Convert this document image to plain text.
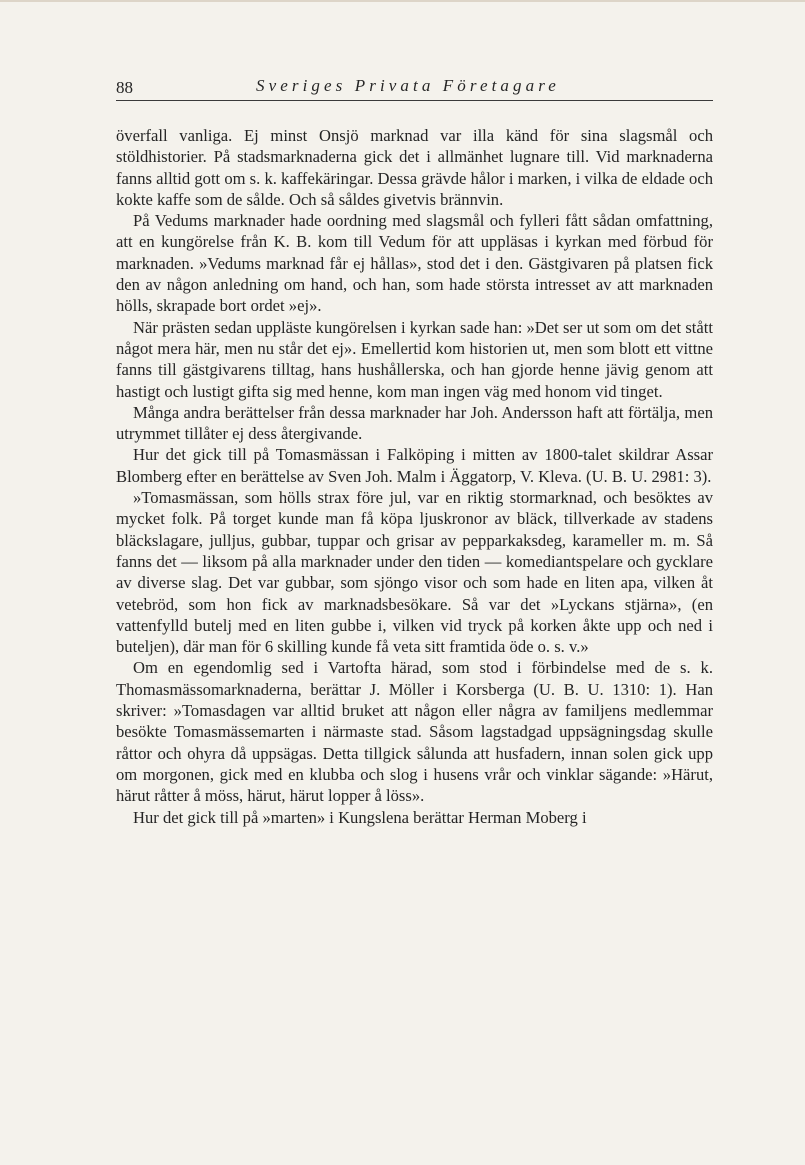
88	Sveriges Privata Företagare

överfall vanliga. Ej minst Onsjö marknad var illa känd för sina slagsmål och stöldhistorier. På stadsmarknaderna gick det i allmänhet lugnare till. Vid marknaderna fanns alltid gott om s. k. kaffekäringar. Dessa grävde hålor i marken, i vilka de eldade och kokte kaffe som de sålde. Och så såldes givetvis brännvin.

På Vedums marknader hade oordning med slagsmål och fylleri fått sådan omfattning, att en kungörelse från K. B. kom till Vedum för att uppläsas i kyrkan med förbud för marknaden. »Vedums marknad får ej hållas», stod det i den. Gästgivaren på platsen fick den av någon anledning om hand, och han, som hade största intresset av att marknaden hölls, skrapade bort ordet »ej».

När prästen sedan uppläste kungörelsen i kyrkan sade han: »Det ser ut som om det stått något mera här, men nu står det ej». Emellertid kom historien ut, men som blott ett vittne fanns till gästgivarens tilltag, hans hushållerska, och han gjorde henne jävig genom att hastigt och lustigt gifta sig med henne, kom man ingen väg med honom vid tinget.

Många andra berättelser från dessa marknader har Joh. Andersson haft att förtälja, men utrymmet tillåter ej dess återgivande.

Hur det gick till på Tomasmässan i Falköping i mitten av 1800-talet skildrar Assar Blomberg efter en berättelse av Sven Joh. Malm i Äggatorp, V. Kleva. (U. B. U. 2981: 3).

»Tomasmässan, som hölls strax före jul, var en riktig stormarknad, och besöktes av mycket folk. På torget kunde man få köpa ljuskronor av bläck, tillverkade av stadens bläckslagare, julljus, gubbar, tuppar och grisar av pepparkaksdeg, karameller m. m. Så fanns det — liksom på alla marknader under den tiden — komediantspelare och gycklare av diverse slag. Det var gubbar, som sjöngo visor och som hade en liten apa, vilken åt vetebröd, som hon fick av marknadsbesökare. Så var det »Lyckans stjärna», (en vattenfylld butelj med en liten gubbe i, vilken vid tryck på korken åkte upp och ned i buteljen), där man för 6 skilling kunde få veta sitt framtida öde o. s. v.»

Om en egendomlig sed i Vartofta härad, som stod i förbindelse med de s. k. Thomasmässomarknaderna, berättar J. Möller i Korsberga (U. B. U. 1310: 1). Han skriver: »Tomasdagen var alltid bruket att någon eller några av familjens medlemmar besökte Tomasmässemarten i närmaste stad. Såsom lagstadgad uppsägningsdag skulle råttor och ohyra då uppsägas. Detta tillgick sålunda att husfadern, innan solen gick upp om morgonen, gick med en klubba och slog i husens vrår och vinklar sägande: »Härut, härut råtter å möss, härut, härut lopper å löss».

Hur det gick till på »marten» i Kungslena berättar Herman Moberg i
